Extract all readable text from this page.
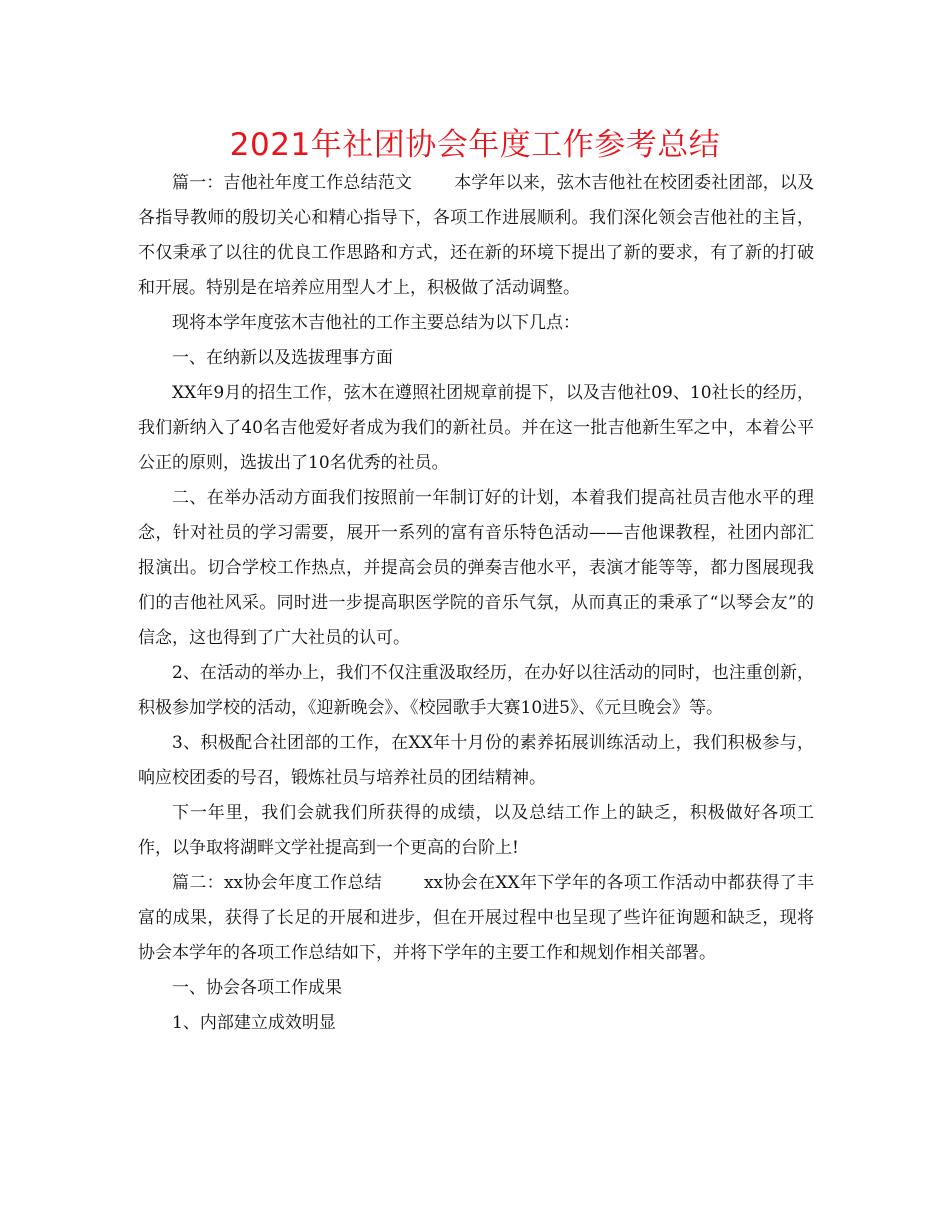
2021年社团协会年度工作参考总结

篇一：吉他社年度工作总结范文 本学年以来，弦木吉他社在校团委社团部，以及各指导教师的殷切关心和精心指导下，各项工作进展顺利。我们深化领会吉他社的主旨，不仅秉承了以往的优良工作思路和方式，还在新的环境下提出了新的要求，有了新的打破和开展。特别是在培养应用型人才上，积极做了活动调整。

现将本学年度弦木吉他社的工作主要总结为以下几点：

一、在纳新以及选拔理事方面

XX年9月的招生工作，弦木在遵照社团规章前提下，以及吉他社09、10社长的经历，我们新纳入了40名吉他爱好者成为我们的新社员。并在这一批吉他新生军之中，本着公平公正的原则，选拔出了10名优秀的社员。

二、在举办活动方面我们按照前一年制订好的计划，本着我们提高社员吉他水平的理念，针对社员的学习需要，展开一系列的富有音乐特色活动——吉他课教程，社团内部汇报演出。切合学校工作热点，并提高会员的弹奏吉他水平，表演才能等等，都力图展现我们的吉他社风采。同时进一步提高职医学院的音乐气氛，从而真正的秉承了“以琴会友”的信念，这也得到了广大社员的认可。

2、在活动的举办上，我们不仅注重汲取经历，在办好以往活动的同时，也注重创新，积极参加学校的活动，《迎新晚会》、《校园歌手大赛10进5》、《元旦晚会》等。

3、积极配合社团部的工作，在XX年十月份的素养拓展训练活动上，我们积极参与，响应校团委的号召，锻炼社员与培养社员的团结精神。

下一年里，我们会就我们所获得的成绩，以及总结工作上的缺乏，积极做好各项工作，以争取将湖畔文学社提高到一个更高的台阶上!

篇二：xx协会年度工作总结 xx协会在XX年下学年的各项工作活动中都获得了丰富的成果，获得了长足的开展和进步，但在开展过程中也呈现了些许征询题和缺乏，现将协会本学年的各项工作总结如下，并将下学年的主要工作和规划作相关部署。

一、协会各项工作成果

1、内部建立成效明显
